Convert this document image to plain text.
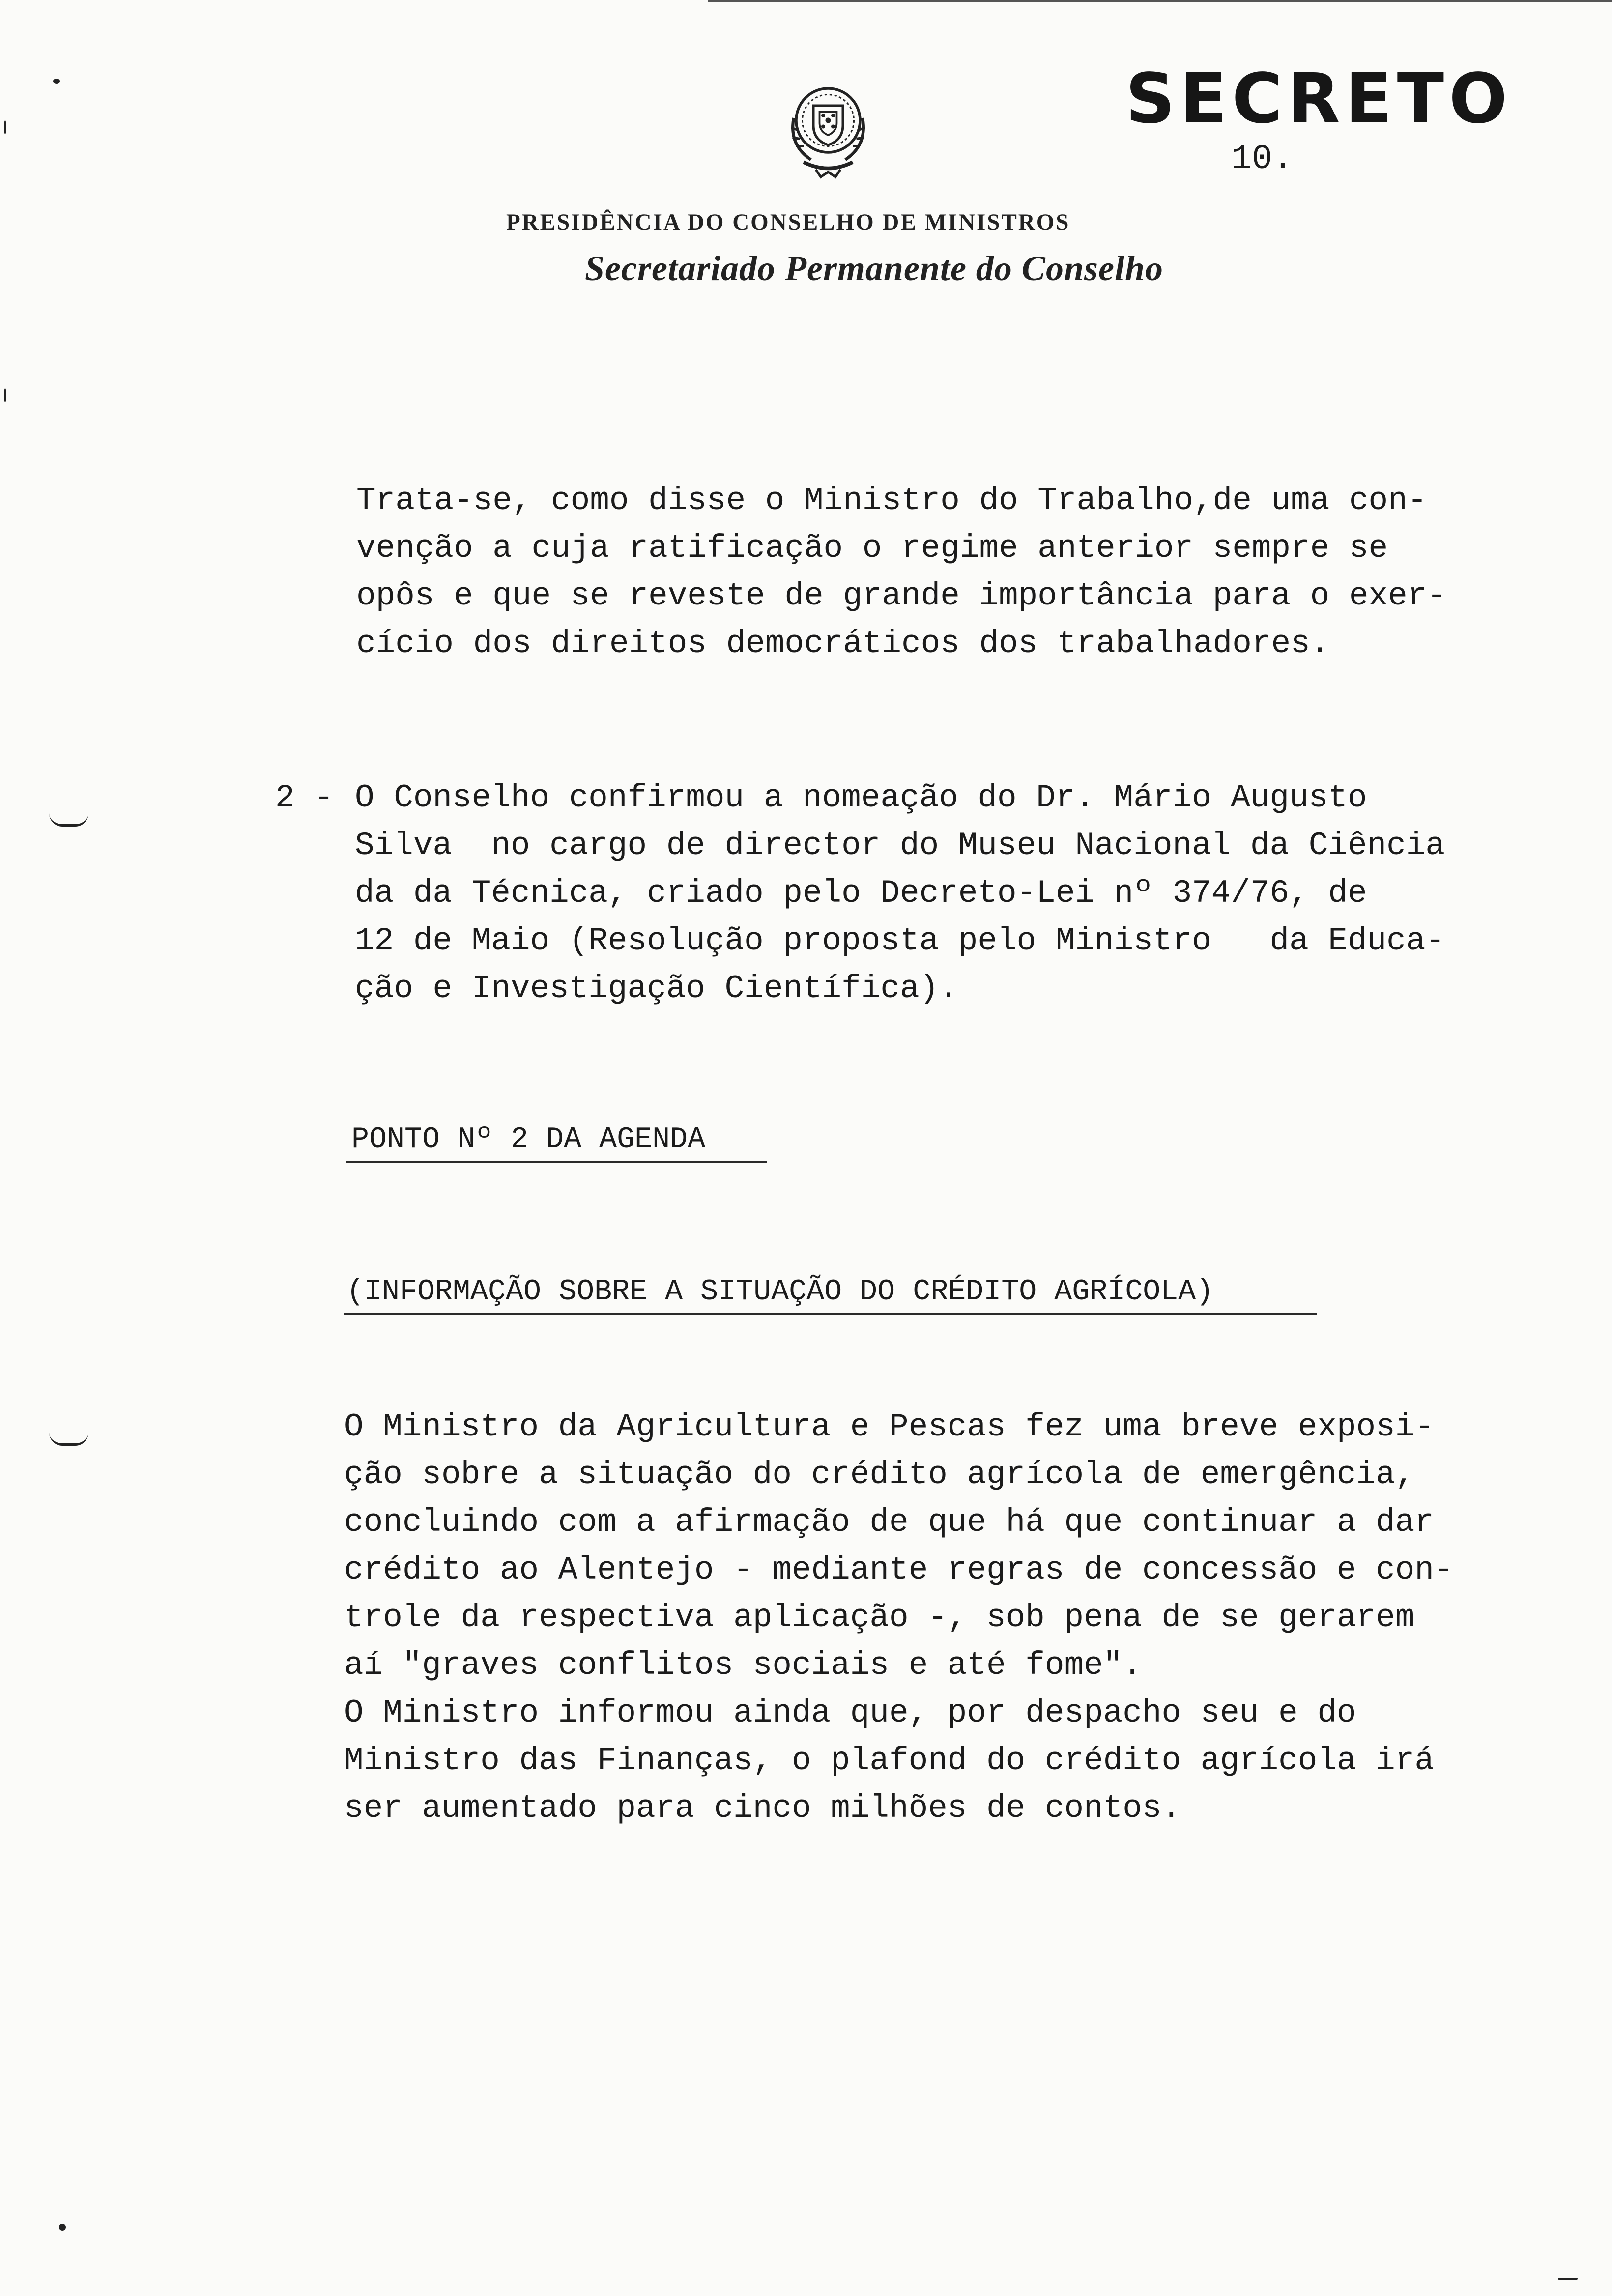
SECRETO
10.
PRESIDÊNCIA DO CONSELHO DE MINISTROS
Secretariado Permanente do Conselho
Trata-se, como disse o Ministro do Trabalho,de uma con-
venção a cuja ratificação o regime anterior sempre se
opôs e que se reveste de grande importância para o exer-
cício dos direitos democráticos dos trabalhadores.
2 - O Conselho confirmou a nomeação do Dr. Mário Augusto
Silva  no cargo de director do Museu Nacional da Ciência
da da Técnica, criado pelo Decreto-Lei nº 374/76, de
12 de Maio (Resolução proposta pelo Ministro   da Educa-
ção e Investigação Científica).
PONTO Nº 2 DA AGENDA
(INFORMAÇÃO SOBRE A SITUAÇÃO DO CRÉDITO AGRÍCOLA)
O Ministro da Agricultura e Pescas fez uma breve exposi-
ção sobre a situação do crédito agrícola de emergência,
concluindo com a afirmação de que há que continuar a dar
crédito ao Alentejo - mediante regras de concessão e con-
trole da respectiva aplicação -, sob pena de se gerarem
aí "graves conflitos sociais e até fome".
O Ministro informou ainda que, por despacho seu e do
Ministro das Finanças, o plafond do crédito agrícola irá
ser aumentado para cinco milhões de contos.
